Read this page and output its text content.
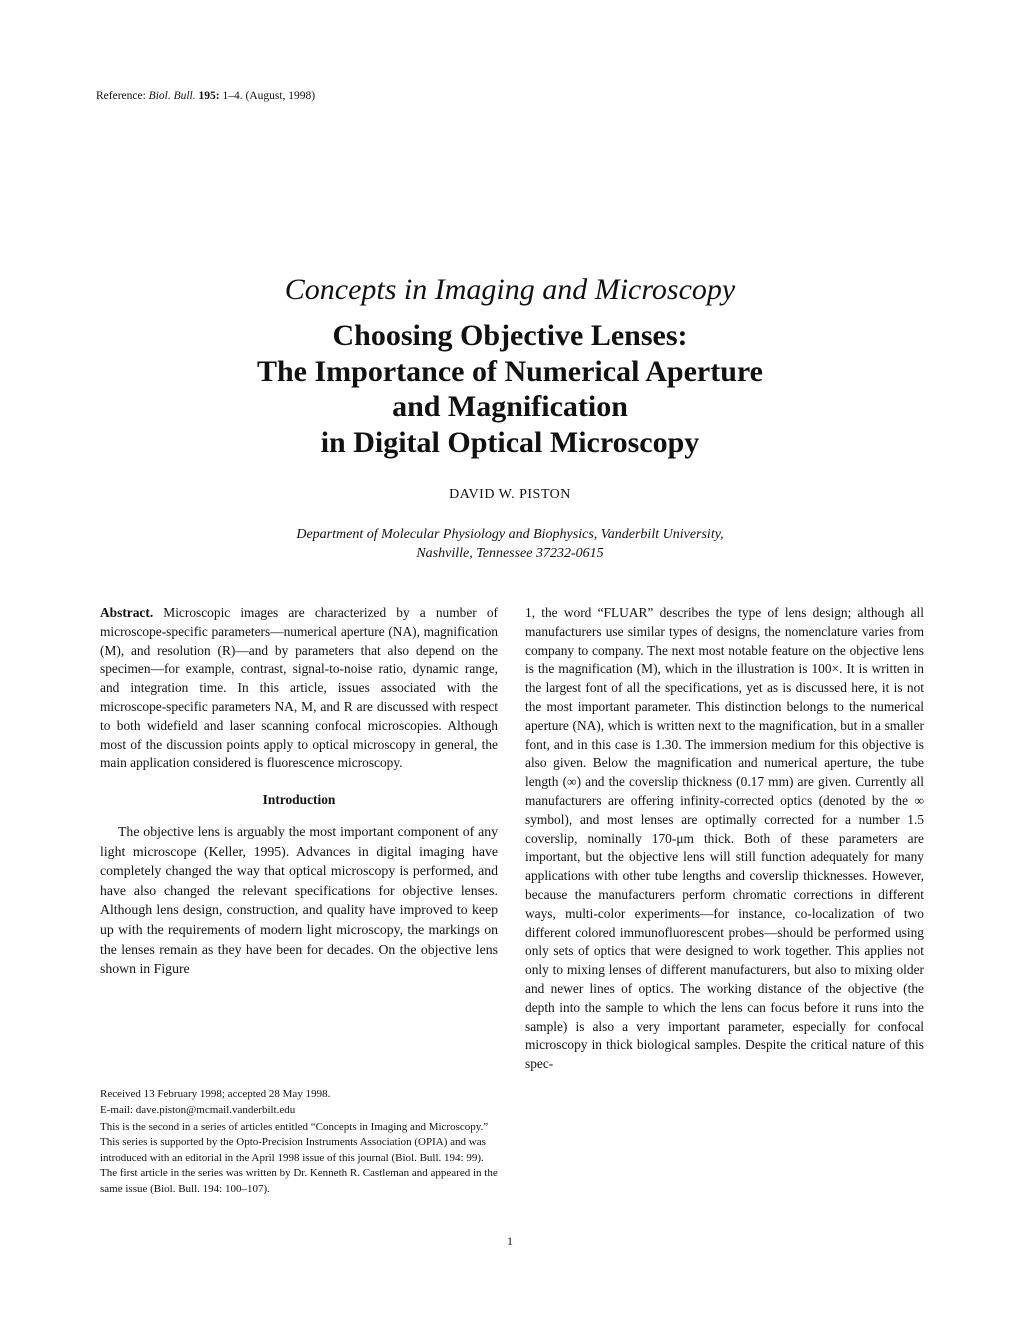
Reference: Biol. Bull. 195: 1–4. (August, 1998)
Concepts in Imaging and Microscopy
Choosing Objective Lenses:
The Importance of Numerical Aperture
and Magnification
in Digital Optical Microscopy
DAVID W. PISTON
Department of Molecular Physiology and Biophysics, Vanderbilt University,
Nashville, Tennessee 37232-0615

Abstract. Microscopic images are characterized by a number of microscope-specific parameters—numerical aperture (NA), magnification (M), and resolution (R)—and by parameters that also depend on the specimen—for example, contrast, signal-to-noise ratio, dynamic range, and integration time. In this article, issues associated with the microscope-specific parameters NA, M, and R are discussed with respect to both widefield and laser scanning confocal microscopies. Although most of the discussion points apply to optical microscopy in general, the main application considered is fluorescence microscopy.

Introduction

The objective lens is arguably the most important component of any light microscope (Keller, 1995). Advances in digital imaging have completely changed the way that optical microscopy is performed, and have also changed the relevant specifications for objective lenses. Although lens design, construction, and quality have improved to keep up with the requirements of modern light microscopy, the markings on the lenses remain as they have been for decades. On the objective lens shown in Figure

Received 13 February 1998; accepted 28 May 1998.

E-mail: dave.piston@mcmail.vanderbilt.edu

This is the second in a series of articles entitled “Concepts in Imaging and Microscopy.” This series is supported by the Opto-Precision Instruments Association (OPIA) and was introduced with an editorial in the April 1998 issue of this journal (Biol. Bull. 194: 99). The first article in the series was written by Dr. Kenneth R. Castleman and appeared in the same issue (Biol. Bull. 194: 100–107).

1, the word “FLUAR” describes the type of lens design; although all manufacturers use similar types of designs, the nomenclature varies from company to company. The next most notable feature on the objective lens is the magnification (M), which in the illustration is 100×. It is written in the largest font of all the specifications, yet as is discussed here, it is not the most important parameter. This distinction belongs to the numerical aperture (NA), which is written next to the magnification, but in a smaller font, and in this case is 1.30. The immersion medium for this objective is also given. Below the magnification and numerical aperture, the tube length (∞) and the coverslip thickness (0.17 mm) are given. Currently all manufacturers are offering infinity-corrected optics (denoted by the ∞ symbol), and most lenses are optimally corrected for a number 1.5 coverslip, nominally 170-μm thick. Both of these parameters are important, but the objective lens will still function adequately for many applications with other tube lengths and coverslip thicknesses. However, because the manufacturers perform chromatic corrections in different ways, multi-color experiments—for instance, co-localization of two different colored immunofluorescent probes—should be performed using only sets of optics that were designed to work together. This applies not only to mixing lenses of different manufacturers, but also to mixing older and newer lines of optics. The working distance of the objective (the depth into the sample to which the lens can focus before it runs into the sample) is also a very important parameter, especially for confocal microscopy in thick biological samples. Despite the critical nature of this spec-

1
